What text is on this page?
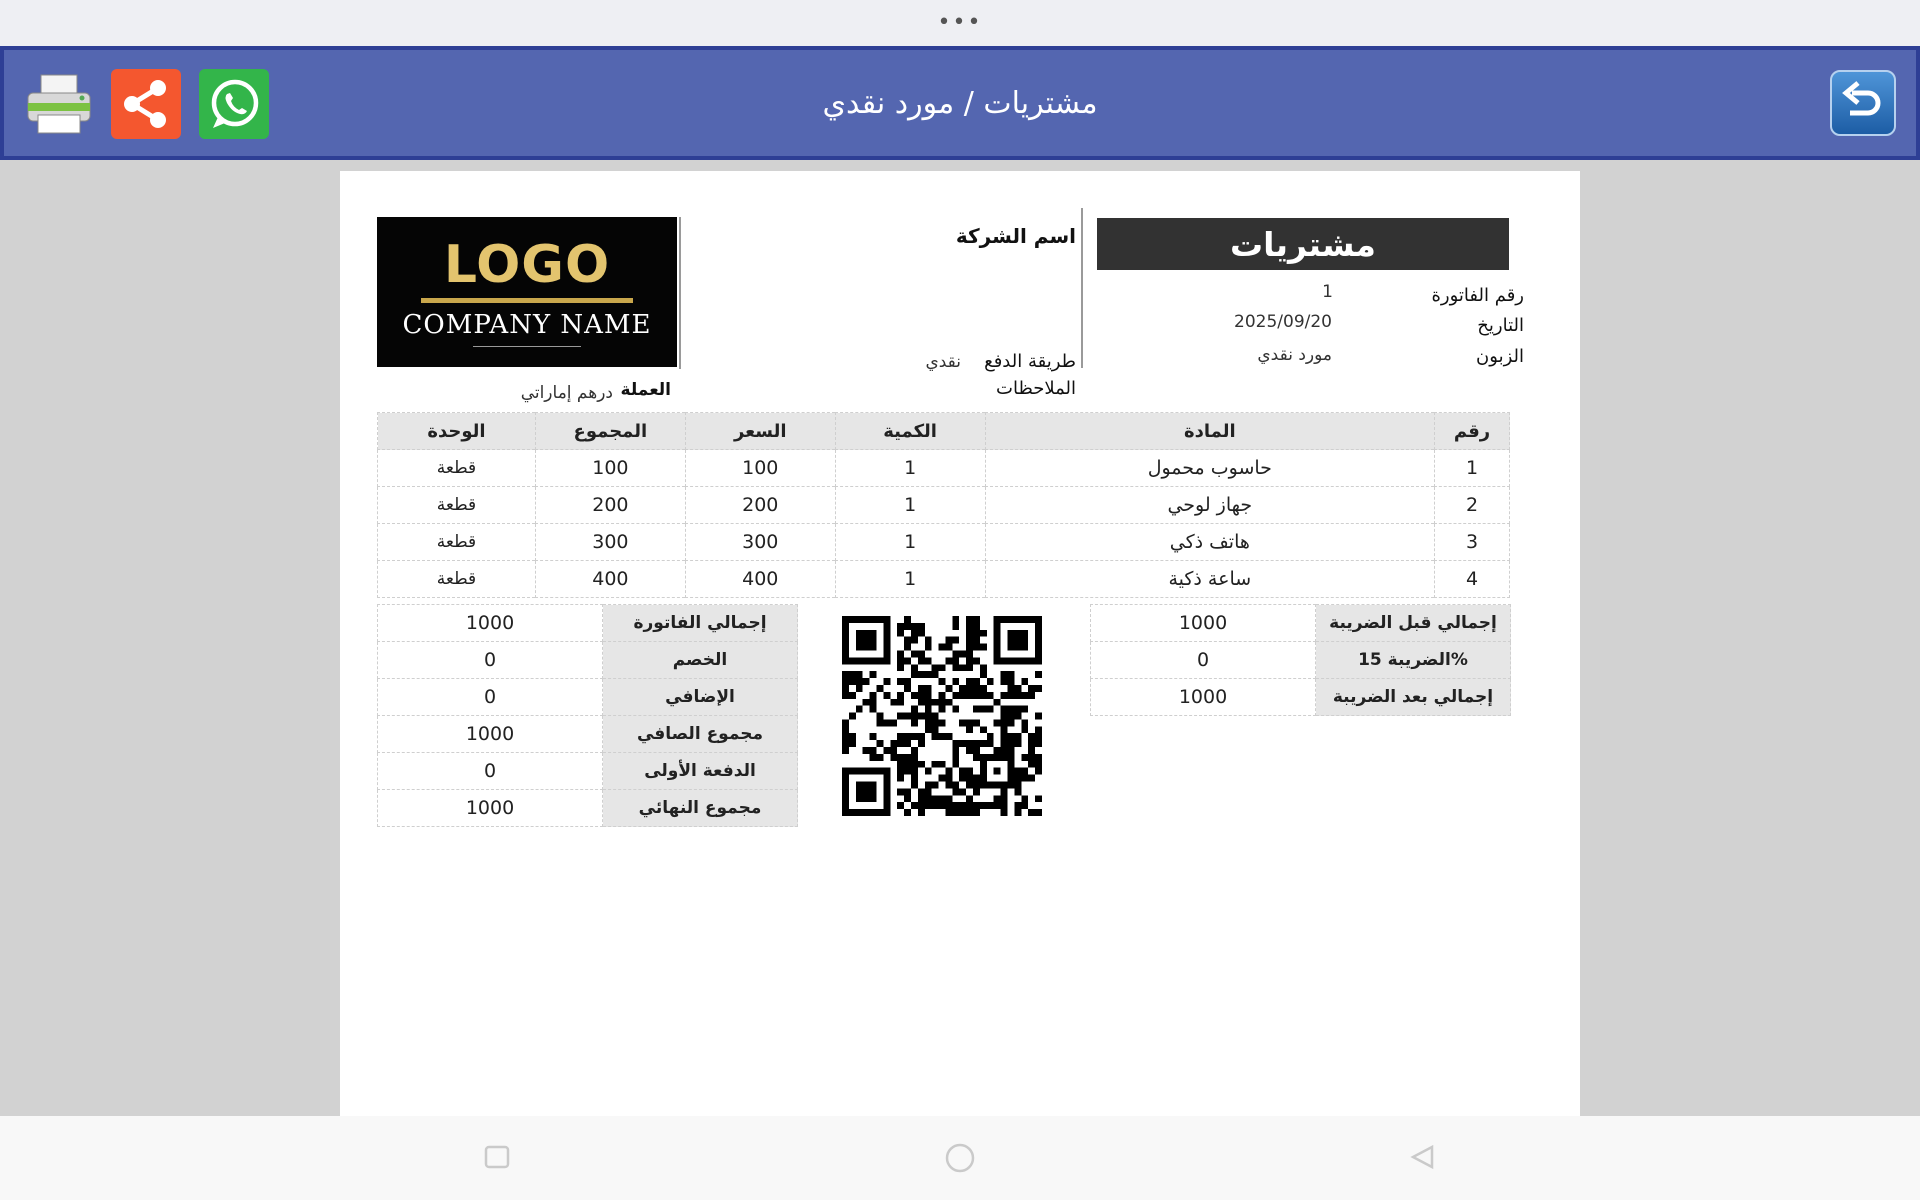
•••
مشتريات / مورد نقدي
مشتريات
رقم الفاتورة
1
التاريخ
2025/09/20
الزبون
مورد نقدي
اسم الشركة
طريقة الدفع
نقدي
الملاحظات
LOGO
COMPANY NAME
العملة
درهم إماراتي
رقم	المادة	الكمية	السعر	المجموع	الوحدة
1	حاسوب محمول	1	100	100	قطعة
2	جهاز لوحي	1	200	200	قطعة
3	هاتف ذكي	1	300	300	قطعة
4	ساعة ذكية	1	400	400	قطعة
1000	إجمالي قبل الضريبة
0	الضريبة 15%
1000	إجمالي بعد الضريبة
1000	إجمالي الفاتورة
0	الخصم
0	الإضافي
1000	مجموع الصافي
0	الدفعة الأولى
1000	مجموع النهائي
